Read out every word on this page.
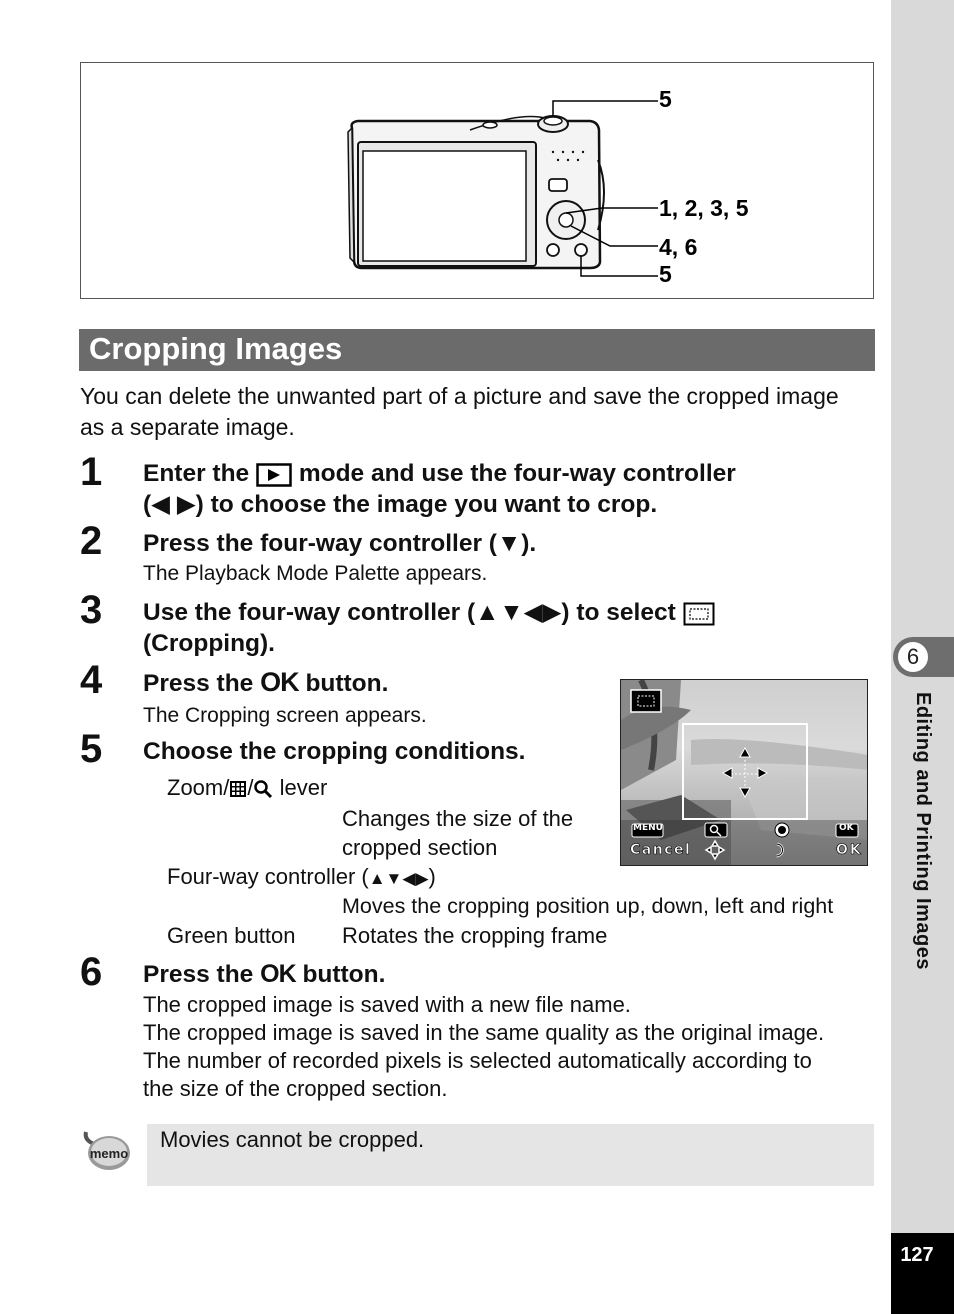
6
Editing and Printing Images
127
5
1, 2, 3, 5
4, 6
5
Cropping Images
You can delete the unwanted part of a picture and save the cropped image as a separate image.
1 Enter the mode and use the four-way controller
(◀ ▶) to choose the image you want to crop.
2 Press the four-way controller (▼).
The Playback Mode Palette appears.
3 Use the four-way controller (▲▼◀▶) to select
(Cropping).
4 Press the OK button.
The Cropping screen appears.
5 Choose the cropping conditions.
Zoom/ / lever
Changes the size of the
cropped section
Four-way controller (▲▼◀▶)
Moves the cropping position up, down, left and right
Green button Rotates the cropping frame
MENU	OK
Cancel	OK
6 Press the OK button.
The cropped image is saved with a new file name.
The cropped image is saved in the same quality as the original image.
The number of recorded pixels is selected automatically according to
the size of the cropped section.
memo
Movies cannot be cropped.
